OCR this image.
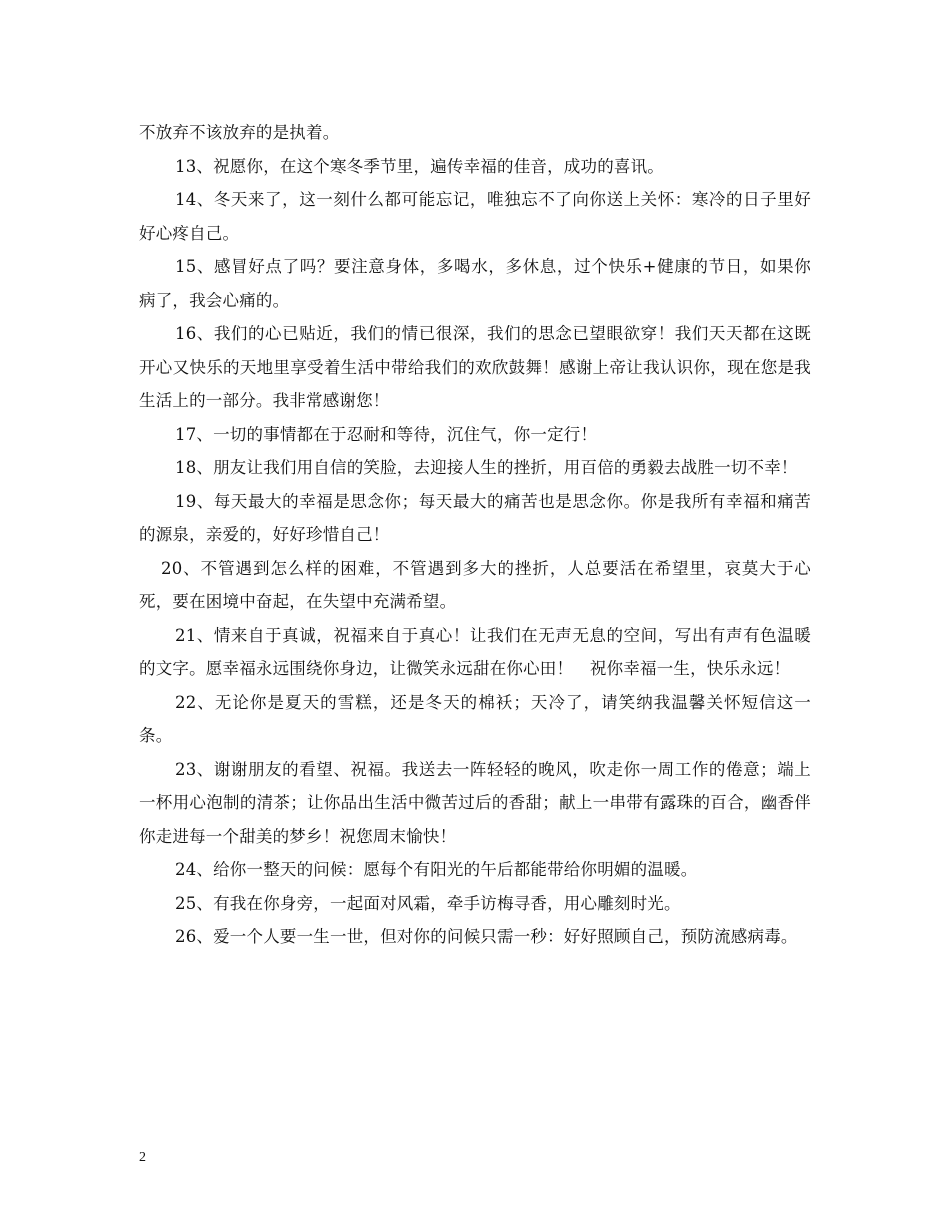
不放弃不该放弃的是执着。

13、祝愿你，在这个寒冬季节里，遍传幸福的佳音，成功的喜讯。

14、冬天来了，这一刻什么都可能忘记，唯独忘不了向你送上关怀：寒冷的日子里好好心疼自己。

15、感冒好点了吗？要注意身体，多喝水，多休息，过个快乐+健康的节日，如果你病了，我会心痛的。

16、我们的心已贴近，我们的情已很深，我们的思念已望眼欲穿！我们天天都在这既开心又快乐的天地里享受着生活中带给我们的欢欣鼓舞！感谢上帝让我认识你，现在您是我生活上的一部分。我非常感谢您！

17、一切的事情都在于忍耐和等待，沉住气，你一定行！

18、朋友让我们用自信的笑脸，去迎接人生的挫折，用百倍的勇毅去战胜一切不幸！

19、每天最大的幸福是思念你；每天最大的痛苦也是思念你。你是我所有幸福和痛苦的源泉，亲爱的，好好珍惜自己！

20、不管遇到怎么样的困难，不管遇到多大的挫折，人总要活在希望里，哀莫大于心死，要在困境中奋起，在失望中充满希望。

21、情来自于真诚，祝福来自于真心！让我们在无声无息的空间，写出有声有色温暖的文字。愿幸福永远围绕你身边，让微笑永远甜在你心田！　祝你幸福一生，快乐永远！

22、无论你是夏天的雪糕，还是冬天的棉袄；天冷了，请笑纳我温馨关怀短信这一条。

23、谢谢朋友的看望、祝福。我送去一阵轻轻的晚风，吹走你一周工作的倦意；端上一杯用心泡制的清茶；让你品出生活中微苦过后的香甜；献上一串带有露珠的百合，幽香伴你走进每一个甜美的梦乡！祝您周末愉快！

24、给你一整天的问候：愿每个有阳光的午后都能带给你明媚的温暖。

25、有我在你身旁，一起面对风霜，牵手访梅寻香，用心雕刻时光。

26、爱一个人要一生一世，但对你的问候只需一秒：好好照顾自己，预防流感病毒。

2
